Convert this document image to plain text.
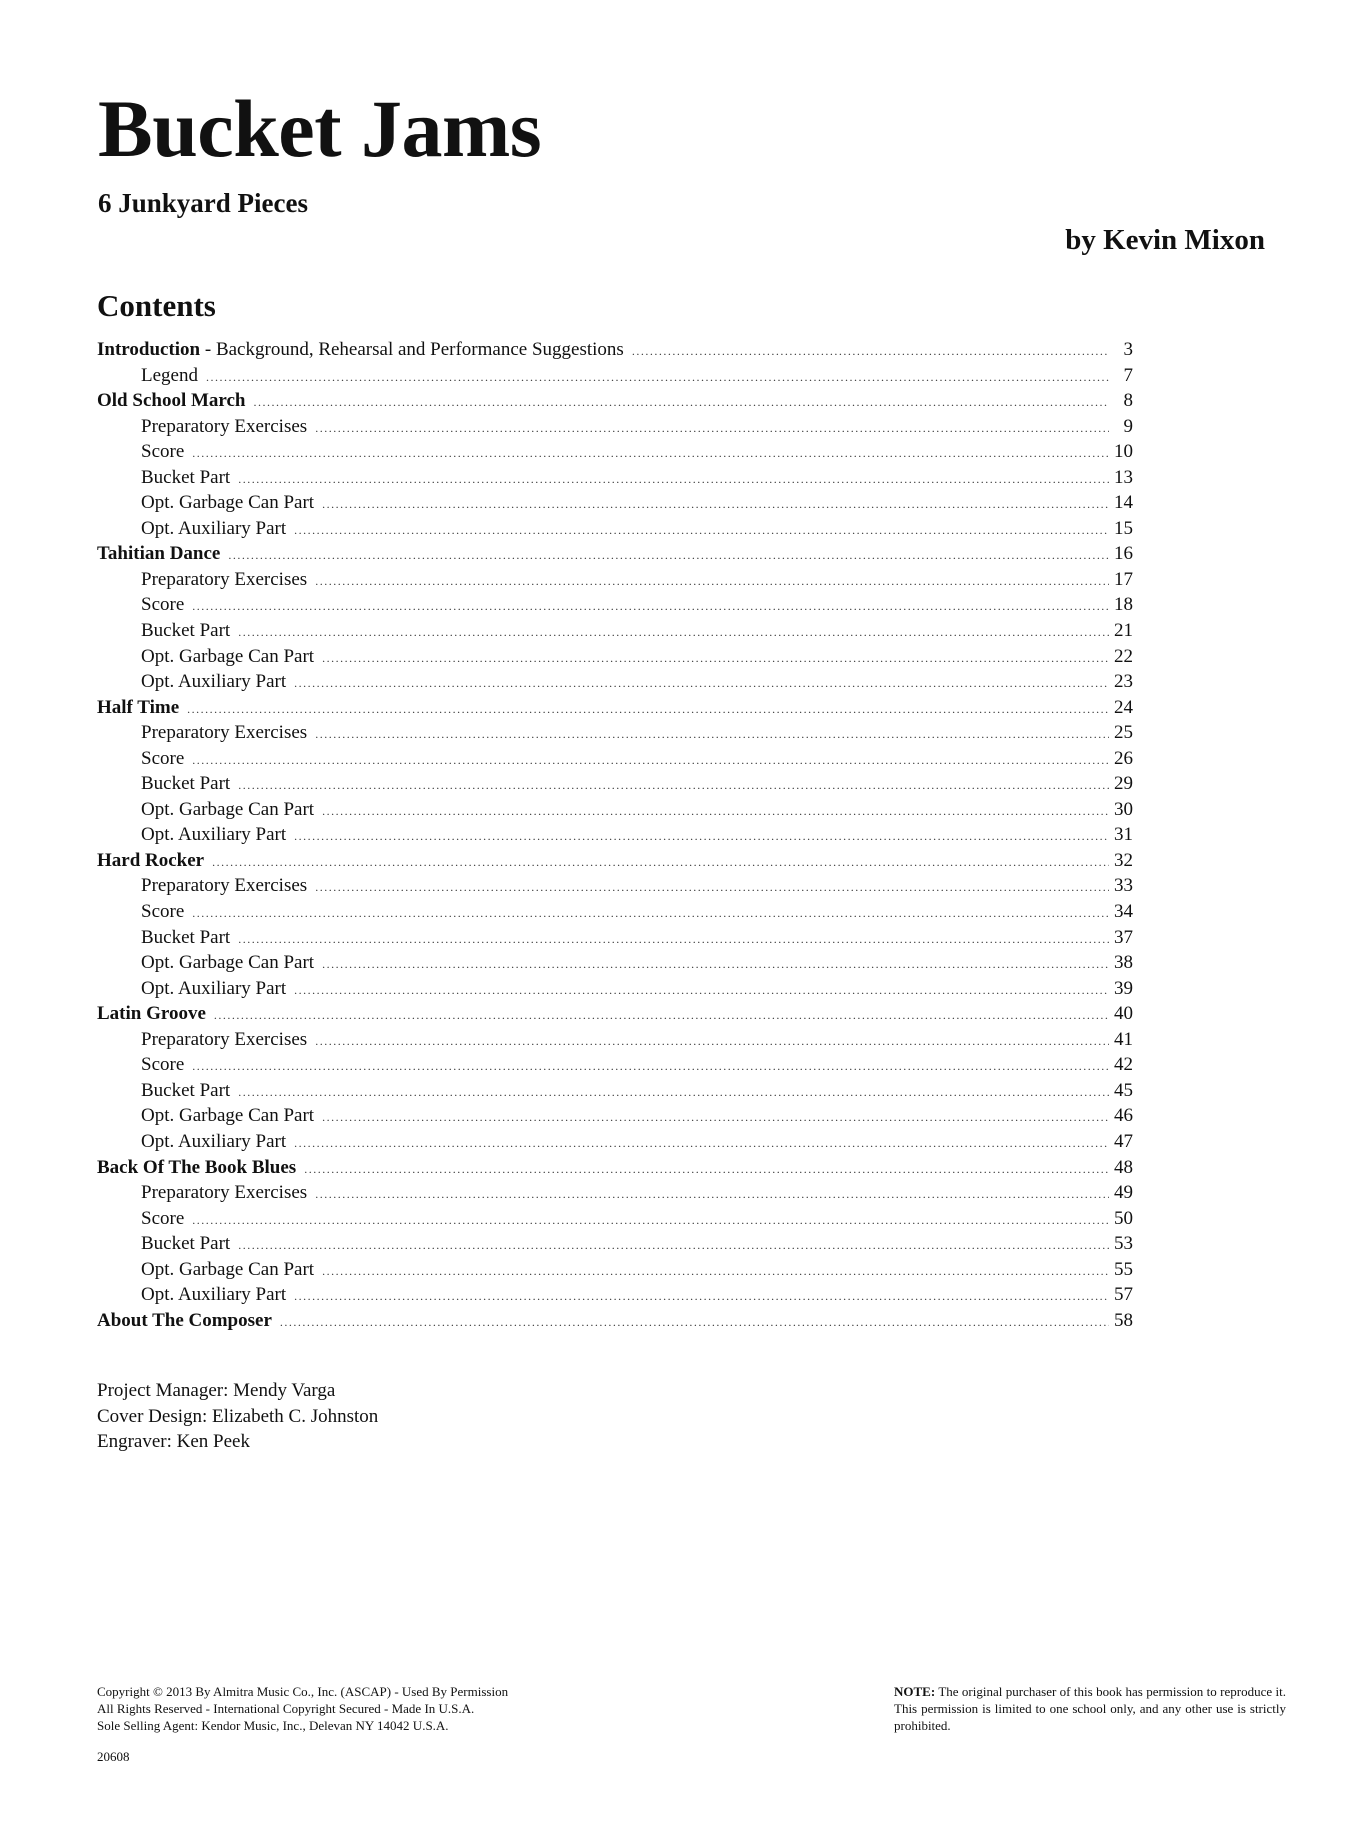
Bucket Jams
6 Junkyard Pieces
by Kevin Mixon
Contents
Introduction - Background, Rehearsal and Performance Suggestions .....	3
Legend .....	7
Old School March .....	8
Preparatory Exercises .....	9
Score .....	10
Bucket Part .....	13
Opt. Garbage Can Part .....	14
Opt. Auxiliary Part .....	15
Tahitian Dance .....	16
Preparatory Exercises .....	17
Score .....	18
Bucket Part .....	21
Opt. Garbage Can Part .....	22
Opt. Auxiliary Part .....	23
Half Time .....	24
Preparatory Exercises .....	25
Score .....	26
Bucket Part .....	29
Opt. Garbage Can Part .....	30
Opt. Auxiliary Part .....	31
Hard Rocker .....	32
Preparatory Exercises .....	33
Score .....	34
Bucket Part .....	37
Opt. Garbage Can Part .....	38
Opt. Auxiliary Part .....	39
Latin Groove .....	40
Preparatory Exercises .....	41
Score .....	42
Bucket Part .....	45
Opt. Garbage Can Part .....	46
Opt. Auxiliary Part .....	47
Back Of The Book Blues .....	48
Preparatory Exercises .....	49
Score .....	50
Bucket Part .....	53
Opt. Garbage Can Part .....	55
Opt. Auxiliary Part .....	57
About The Composer .....	58
Project Manager: Mendy Varga
Cover Design: Elizabeth C. Johnston
Engraver: Ken Peek
Copyright © 2013 By Almitra Music Co., Inc. (ASCAP) - Used By Permission
All Rights Reserved - International Copyright Secured - Made In U.S.A.
Sole Selling Agent: Kendor Music, Inc., Delevan NY 14042 U.S.A.
20608
NOTE: The original purchaser of this book has permission to reproduce it. This permission is limited to one school only, and any other use is strictly prohibited.
